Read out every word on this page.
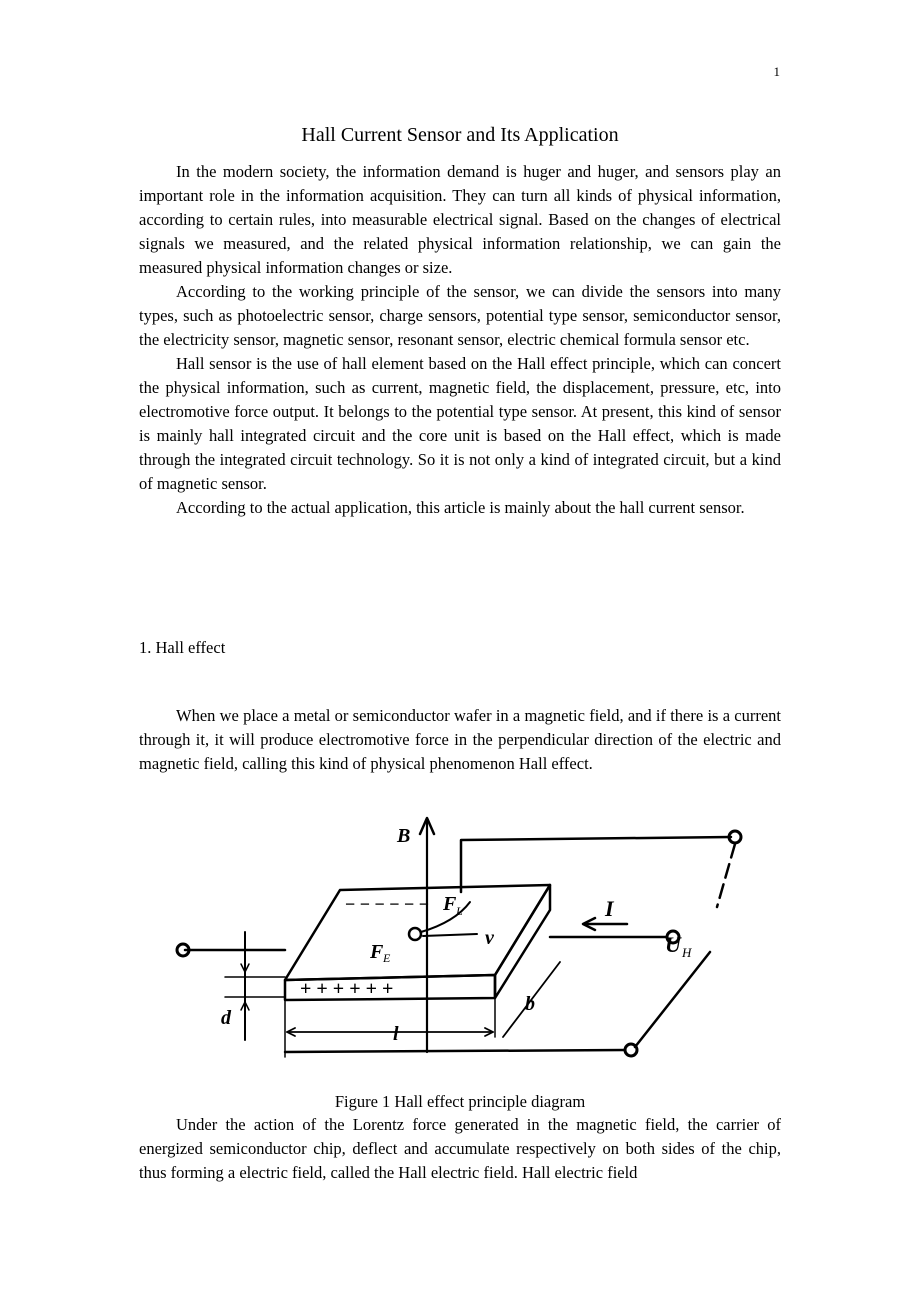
1
Hall Current Sensor and Its Application

In the modern society, the information demand is huger and huger, and sensors play an important role in the information acquisition. They can turn all kinds of physical information, according to certain rules, into measurable electrical signal. Based on the changes of electrical signals we measured, and the related physical information relationship, we can gain the measured physical information changes or size.

According to the working principle of the sensor, we can divide the sensors into many types, such as photoelectric sensor, charge sensors, potential type sensor, semiconductor sensor, the electricity sensor, magnetic sensor, resonant sensor, electric chemical formula sensor etc.

Hall sensor is the use of hall element based on the Hall effect principle, which can concert the physical information, such as current, magnetic field, the displacement, pressure, etc, into electromotive force output. It belongs to the potential type sensor. At present, this kind of sensor is mainly hall integrated circuit and the core unit is based on the Hall effect, which is made through the integrated circuit technology. So it is not only a kind of integrated circuit, but a kind of magnetic sensor.

According to the actual application, this article is mainly about the hall current sensor.

1. Hall effect

When we place a metal or semiconductor wafer in a magnetic field, and if there is a current through it, it will produce electromotive force in the perpendicular direction of the electric and magnetic field, calling this kind of physical phenomenon Hall effect.

B
F L
v
I
U H
F E
d
b
l
− − − − − −
+ + + + + +
Figure 1 Hall effect principle diagram

Under the action of the Lorentz force generated in the magnetic field, the carrier of energized semiconductor chip, deflect and accumulate respectively on both sides of the chip, thus forming a electric field, called the Hall electric field. Hall electric field
